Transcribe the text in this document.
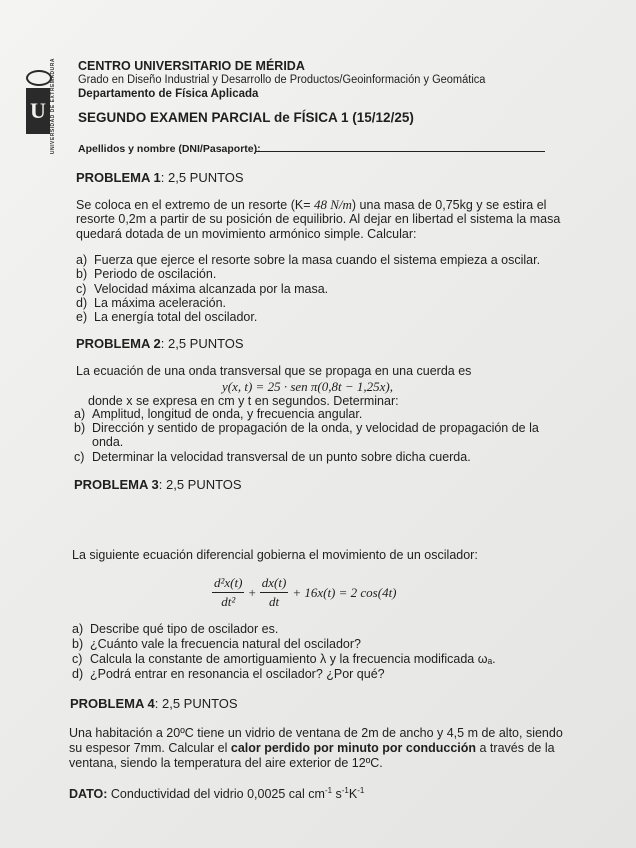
U UNIVERSIDAD DE EXTREMADURA CENTRO UNIVERSITARIO DE MÉRIDA
Grado en Diseño Industrial y Desarrollo de Productos/Geoinformación y Geomática
Departamento de Física Aplicada
SEGUNDO EXAMEN PARCIAL de FÍSICA 1 (15/12/25)
Apellidos y nombre (DNI/Pasaporte):
PROBLEMA 1: 2,5 PUNTOS
Se coloca en el extremo de un resorte (K= 48 N/m) una masa de 0,75kg y se estira el
resorte 0,2m a partir de su posición de equilibrio. Al dejar en libertad el sistema la masa
quedará dotada de un movimiento armónico simple. Calcular:
a) Fuerza que ejerce el resorte sobre la masa cuando el sistema empieza a oscilar.
b) Periodo de oscilación.
c) Velocidad máxima alcanzada por la masa.
d) La máxima aceleración.
e) La energía total del oscilador.
PROBLEMA 2: 2,5 PUNTOS
La ecuación de una onda transversal que se propaga en una cuerda es
y(x, t) = 25 · sen π(0,8t − 1,25x),
donde x se expresa en cm y t en segundos. Determinar:
a) Amplitud, longitud de onda, y frecuencia angular.
b) Dirección y sentido de propagación de la onda, y velocidad de propagación de la
onda.
c) Determinar la velocidad transversal de un punto sobre dicha cuerda.
PROBLEMA 3: 2,5 PUNTOS
La siguiente ecuación diferencial gobierna el movimiento de un oscilador:
$\frac{\text{d²x(t)}}{\text{dt²}} + \frac{dx(t)}{dt} + 16x(t) = 2$ cos(4t)
a) Describe qué tipo de oscilador es.
b) ¿Cuánto vale la frecuencia natural del oscilador?
c) Calcula la constante de amortiguamiento λ y la frecuencia modificada ωₐ.
d) ¿Podrá entrar en resonancia el oscilador? ¿Por qué?
PROBLEMA 4: 2,5 PUNTOS
Una habitación a 20ºC tiene un vidrio de ventana de 2m de ancho y 4,5 m de alto, siendo
su espesor 7mm. Calcular el calor perdido por minuto por conducción a través de la
ventana, siendo la temperatura del aire exterior de 12ºC.
DATO: Conductividad del vidrio 0,0025 cal $cm^{-1}$ $s^{-1}K^{-1}$
